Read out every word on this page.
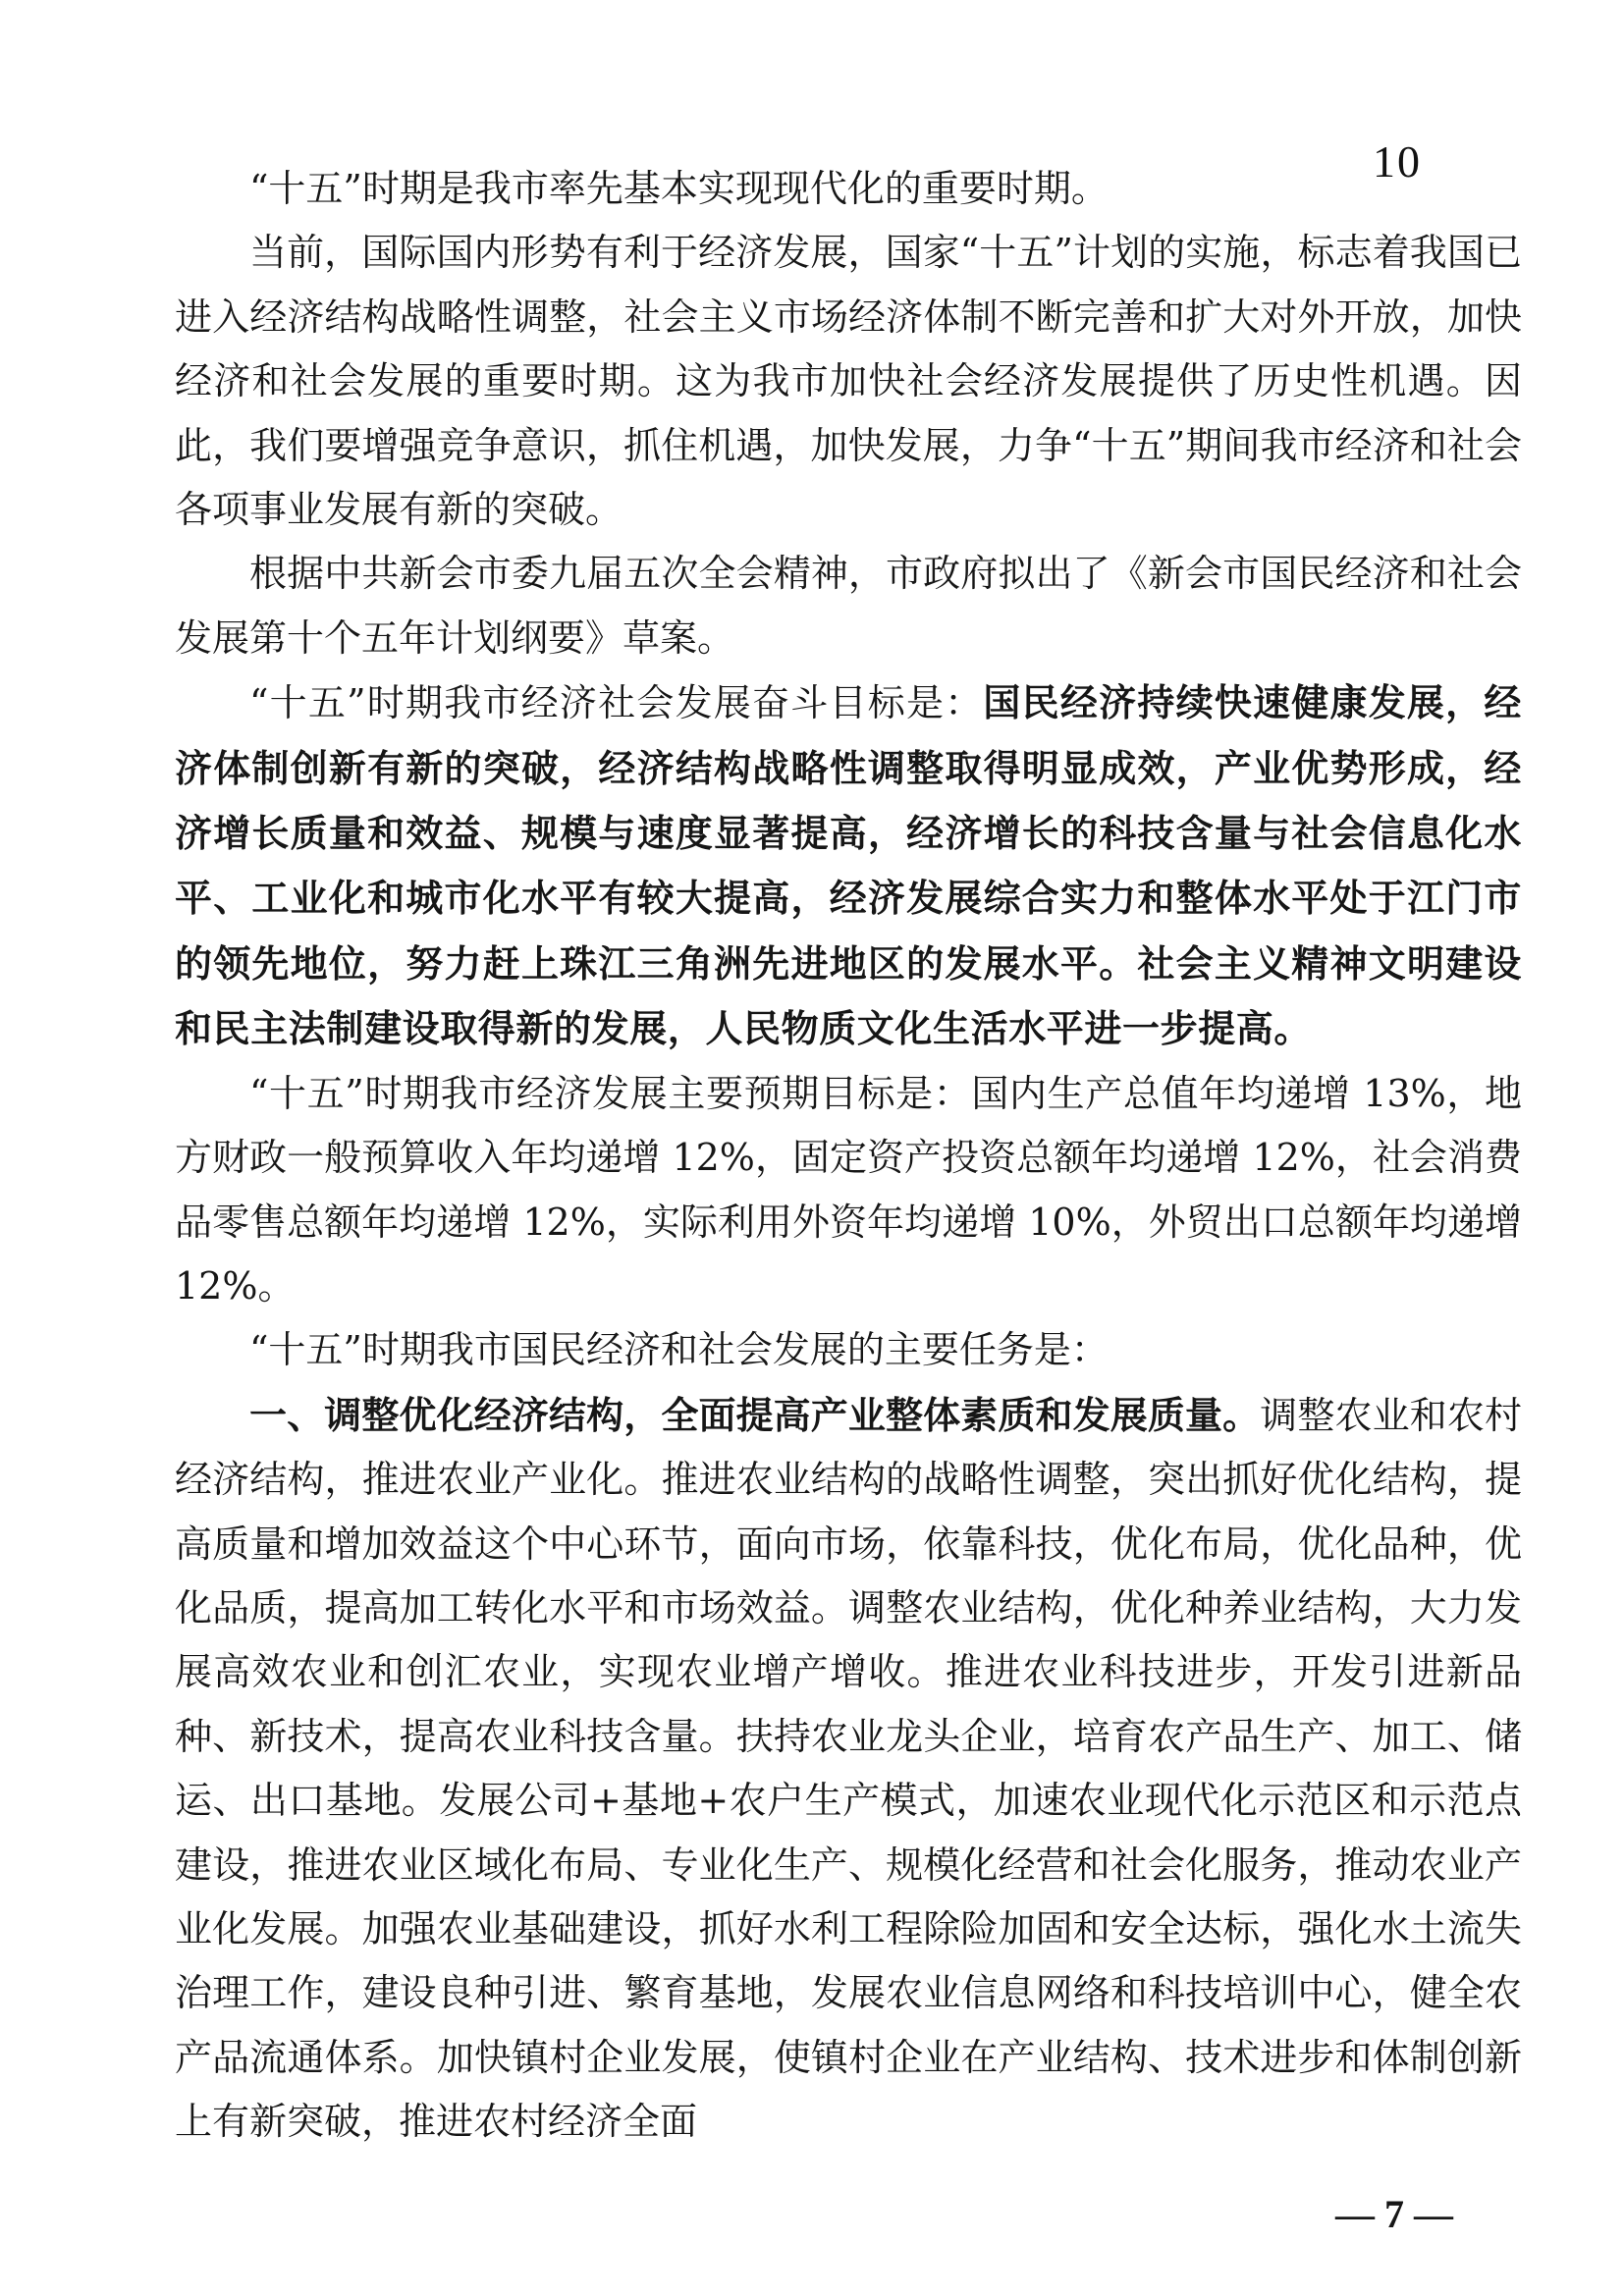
10

“十五”时期是我市率先基本实现现代化的重要时期。

当前，国际国内形势有利于经济发展，国家“十五”计划的实施，标志着我国已进入经济结构战略性调整，社会主义市场经济体制不断完善和扩大对外开放，加快经济和社会发展的重要时期。这为我市加快社会经济发展提供了历史性机遇。因此，我们要增强竞争意识，抓住机遇，加快发展，力争“十五”期间我市经济和社会各项事业发展有新的突破。

根据中共新会市委九届五次全会精神，市政府拟出了《新会市国民经济和社会发展第十个五年计划纲要》草案。

“十五”时期我市经济社会发展奋斗目标是：国民经济持续快速健康发展，经济体制创新有新的突破，经济结构战略性调整取得明显成效，产业优势形成，经济增长质量和效益、规模与速度显著提高，经济增长的科技含量与社会信息化水平、工业化和城市化水平有较大提高，经济发展综合实力和整体水平处于江门市的领先地位，努力赶上珠江三角洲先进地区的发展水平。社会主义精神文明建设和民主法制建设取得新的发展，人民物质文化生活水平进一步提高。

“十五”时期我市经济发展主要预期目标是：国内生产总值年均递增 13%，地方财政一般预算收入年均递增 12%，固定资产投资总额年均递增 12%，社会消费品零售总额年均递增 12%，实际利用外资年均递增 10%，外贸出口总额年均递增 12%。

“十五”时期我市国民经济和社会发展的主要任务是：

一、调整优化经济结构，全面提高产业整体素质和发展质量。调整农业和农村经济结构，推进农业产业化。推进农业结构的战略性调整，突出抓好优化结构，提高质量和增加效益这个中心环节，面向市场，依靠科技，优化布局，优化品种，优化品质，提高加工转化水平和市场效益。调整农业结构，优化种养业结构，大力发展高效农业和创汇农业，实现农业增产增收。推进农业科技进步，开发引进新品种、新技术，提高农业科技含量。扶持农业龙头企业，培育农产品生产、加工、储运、出口基地。发展公司+基地+农户生产模式，加速农业现代化示范区和示范点建设，推进农业区域化布局、专业化生产、规模化经营和社会化服务，推动农业产业化发展。加强农业基础建设，抓好水利工程除险加固和安全达标，强化水土流失治理工作，建设良种引进、繁育基地，发展农业信息网络和科技培训中心，健全农产品流通体系。加快镇村企业发展，使镇村企业在产业结构、技术进步和体制创新上有新突破，推进农村经济全面

— 7 —
